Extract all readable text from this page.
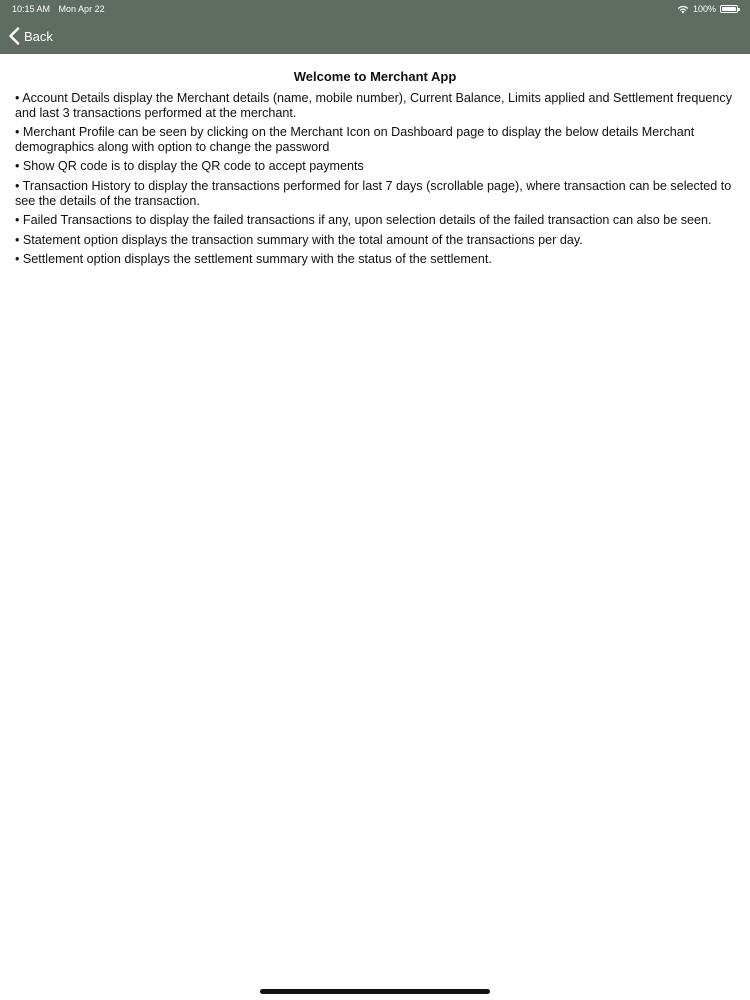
10:15 AM Mon Apr 22	100%
Back
Welcome to Merchant App
• Account Details display the Merchant details (name, mobile number), Current Balance, Limits applied and Settlement frequency and last 3 transactions performed at the merchant.
• Merchant Profile can be seen by clicking on the Merchant Icon on Dashboard page to display the below details Merchant demographics along with option to change the password
• Show QR code is to display the QR code to accept payments
• Transaction History to display the transactions performed for last 7 days (scrollable page), where transaction can be selected to see the details of the transaction.
• Failed Transactions to display the failed transactions if any, upon selection details of the failed transaction can also be seen.
• Statement option displays the transaction summary with the total amount of the transactions per day.
• Settlement option displays the settlement summary with the status of the settlement.
